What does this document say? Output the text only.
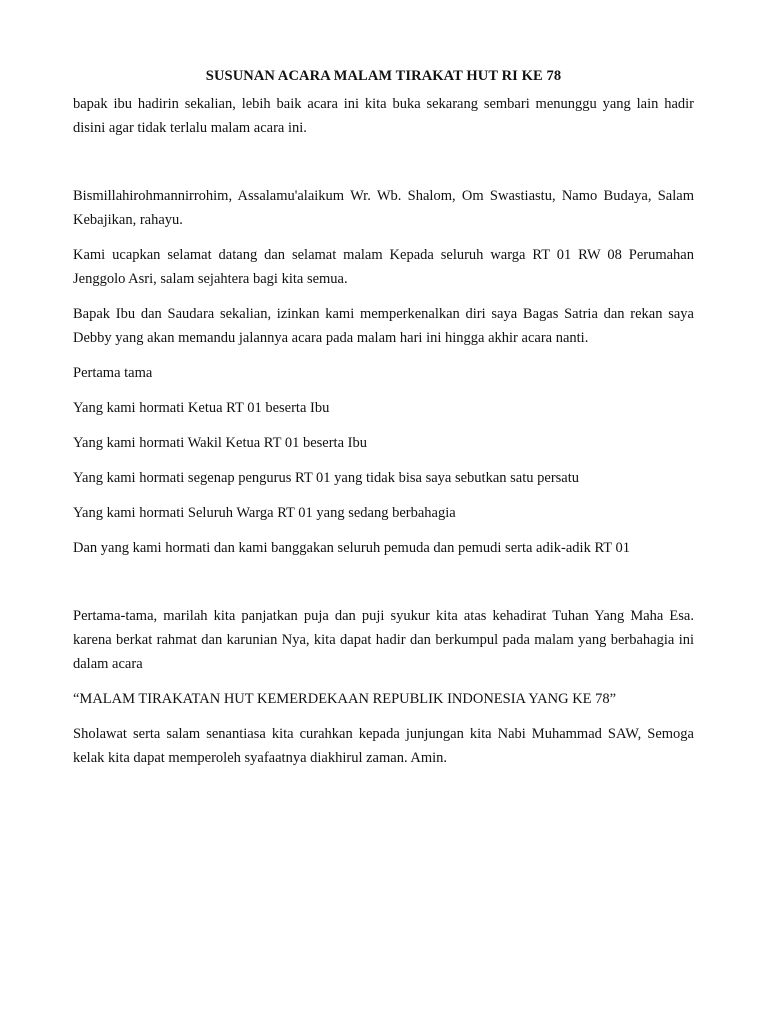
SUSUNAN ACARA MALAM TIRAKAT HUT RI KE 78

bapak ibu hadirin sekalian, lebih baik acara ini kita buka sekarang sembari menunggu yang lain hadir disini agar tidak terlalu malam acara ini.

Bismillahirohmannirrohim, Assalamu'alaikum Wr. Wb. Shalom, Om Swastiastu, Namo Budaya, Salam Kebajikan, rahayu.

Kami ucapkan selamat datang dan selamat malam Kepada seluruh warga RT 01 RW 08 Perumahan Jenggolo Asri, salam sejahtera bagi kita semua.

Bapak Ibu dan Saudara sekalian, izinkan kami memperkenalkan diri saya Bagas Satria dan rekan saya Debby yang akan memandu jalannya acara pada malam hari ini hingga akhir acara nanti.

Pertama tama

Yang kami hormati Ketua RT 01 beserta Ibu

Yang kami hormati Wakil Ketua RT 01 beserta Ibu

Yang kami hormati segenap pengurus RT 01 yang tidak bisa saya sebutkan satu persatu

Yang kami hormati Seluruh Warga RT 01 yang sedang berbahagia

Dan yang kami hormati dan kami banggakan seluruh pemuda dan pemudi serta adik-adik RT 01

Pertama-tama, marilah kita panjatkan puja dan puji syukur kita atas kehadirat Tuhan Yang Maha Esa. karena berkat rahmat dan karunian Nya, kita dapat hadir dan berkumpul pada malam yang berbahagia ini dalam acara

“MALAM TIRAKATAN HUT KEMERDEKAAN REPUBLIK INDONESIA YANG KE 78”

Sholawat serta salam senantiasa kita curahkan kepada junjungan kita Nabi Muhammad SAW, Semoga kelak kita dapat memperoleh syafaatnya diakhirul zaman. Amin.
